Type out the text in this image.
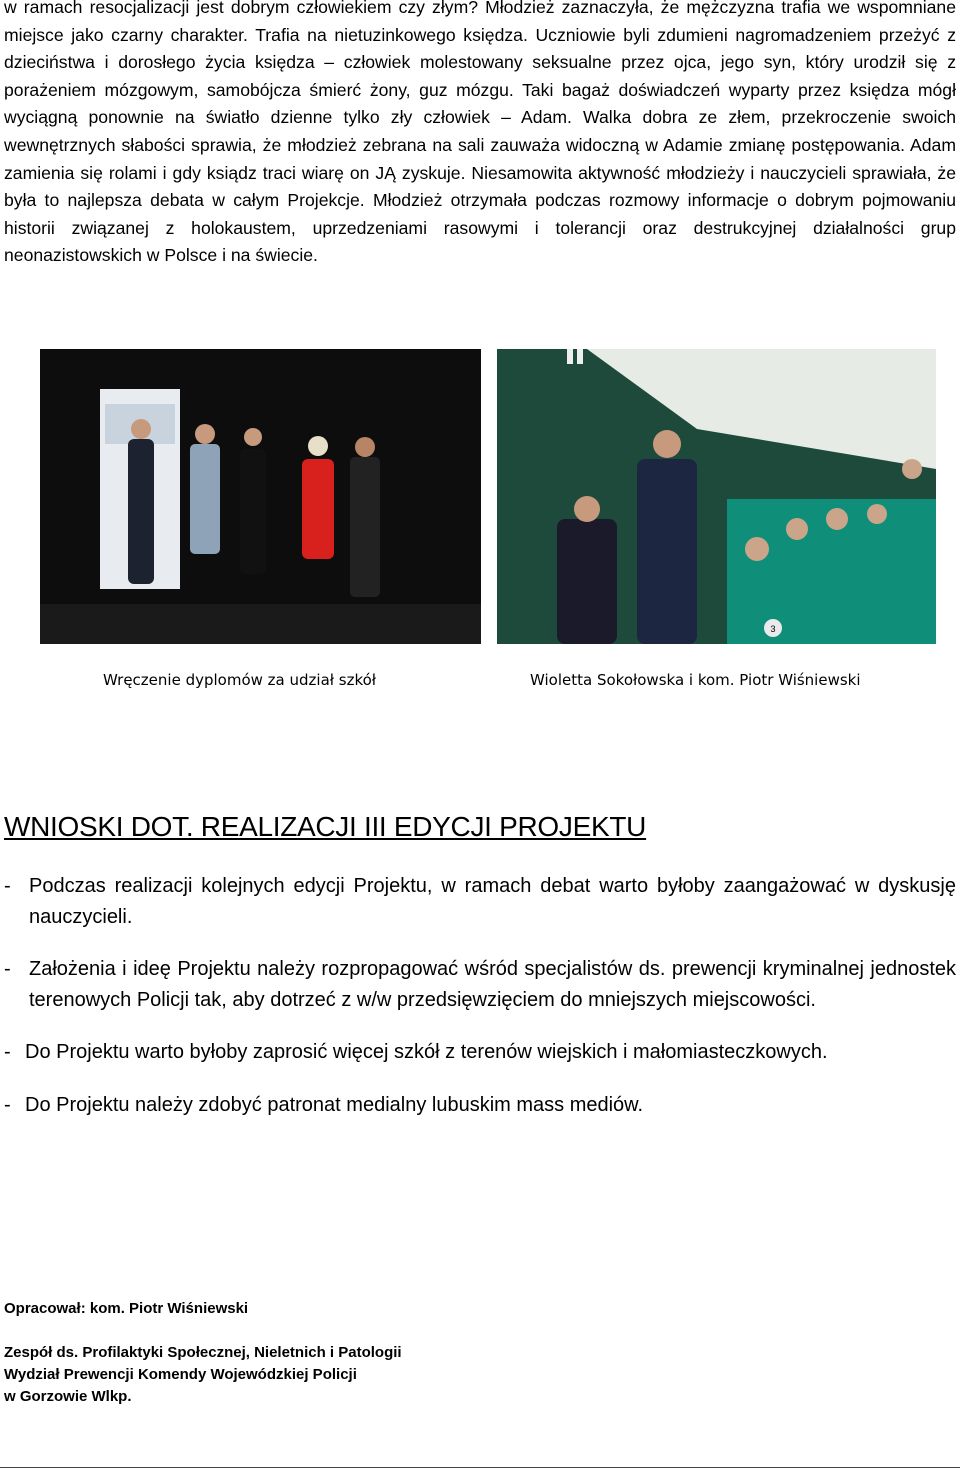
w ramach resocjalizacji jest dobrym człowiekiem czy złym? Młodzież zaznaczyła, że mężczyzna trafia we wspomniane miejsce jako czarny charakter. Trafia na nietuzinkowego księdza. Uczniowie byli zdumieni nagromadzeniem przeżyć z dzieciństwa i dorosłego życia księdza – człowiek molestowany seksualne przez ojca, jego syn, który urodził się z porażeniem mózgowym, samobójcza śmierć żony, guz mózgu. Taki bagaż doświadczeń wyparty przez księdza mógł wyciągną ponownie na światło dzienne tylko zły człowiek – Adam. Walka dobra ze złem, przekroczenie swoich wewnętrznych słabości sprawia, że młodzież zebrana na sali zauważa widoczną w Adamie zmianę postępowania. Adam zamienia się rolami i gdy ksiądz traci wiarę on JĄ zyskuje. Niesamowita aktywność młodzieży i nauczycieli sprawiała, że była to najlepsza debata w całym Projekcje. Młodzież otrzymała podczas rozmowy informacje o dobrym pojmowaniu historii związanej z holokaustem, uprzedzeniami rasowymi i tolerancji oraz destrukcyjnej działalności grup neonazistowskich w Polsce i na świecie.

3
Wręczenie dyplomów za udział szkół	Wioletta Sokołowska i kom. Piotr Wiśniewski
WNIOSKI DOT. REALIZACJI III EDYCJI PROJEKTU
- Podczas realizacji kolejnych edycji Projektu, w ramach debat warto byłoby zaangażować w dyskusję nauczycieli.
- Założenia i ideę Projektu należy rozpropagować wśród specjalistów ds. prewencji kryminalnej jednostek terenowych Policji tak, aby dotrzeć z w/w przedsięwzięciem do mniejszych miejscowości.
- Do Projektu warto byłoby zaprosić więcej szkół z terenów wiejskich i małomiasteczkowych.
- Do Projektu należy zdobyć patronat medialny lubuskim mass mediów.

Opracował: kom. Piotr Wiśniewski

Zespół ds. Profilaktyki Społecznej, Nieletnich i Patologii
Wydział Prewencji Komendy Wojewódzkiej Policji
w Gorzowie Wlkp.
